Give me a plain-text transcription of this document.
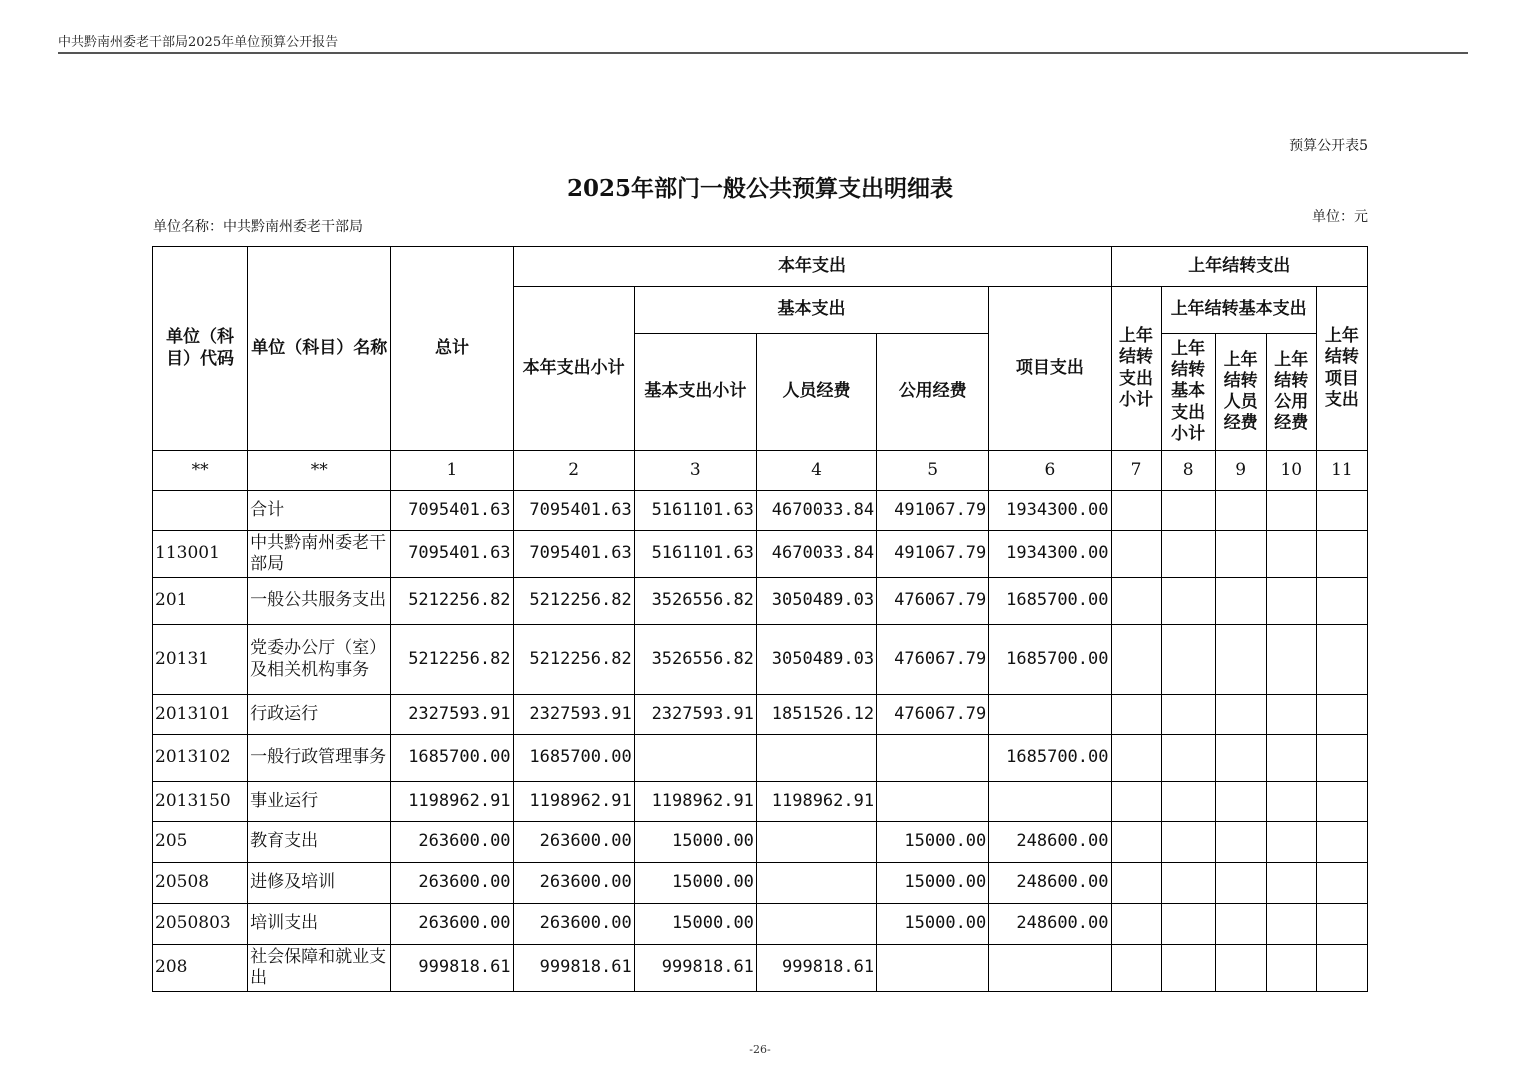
中共黔南州委老干部局2025年单位预算公开报告
预算公开表5
2025年部门一般公共预算支出明细表
单位名称：中共黔南州委老干部局
单位：元
单位（科目）代码	单位（科目）名称	总计	本年支出					上年结转支出				
			本年支出小计	基本支出			项目支出	上年结转支出小计	上年结转基本支出			上年结转项目支出
				基本支出小计	人员经费	公用经费			上年结转基本支出小计	上年结转人员经费	上年结转公用经费	
**	**	1	2	3	4	5	6	7	8	9	10	11
	合计	7095401.63	7095401.63	5161101.63	4670033.84	491067.79	1934300.00					
113001	中共黔南州委老干部局	7095401.63	7095401.63	5161101.63	4670033.84	491067.79	1934300.00					
201	一般公共服务支出	5212256.82	5212256.82	3526556.82	3050489.03	476067.79	1685700.00					
20131	党委办公厅（室）及相关机构事务	5212256.82	5212256.82	3526556.82	3050489.03	476067.79	1685700.00					
2013101	行政运行	2327593.91	2327593.91	2327593.91	1851526.12	476067.79						
2013102	一般行政管理事务	1685700.00	1685700.00				1685700.00					
2013150	事业运行	1198962.91	1198962.91	1198962.91	1198962.91							
205	教育支出	263600.00	263600.00	15000.00		15000.00	248600.00					
20508	进修及培训	263600.00	263600.00	15000.00		15000.00	248600.00					
2050803	培训支出	263600.00	263600.00	15000.00		15000.00	248600.00					
208	社会保障和就业支出	999818.61	999818.61	999818.61	999818.61							
-26-
